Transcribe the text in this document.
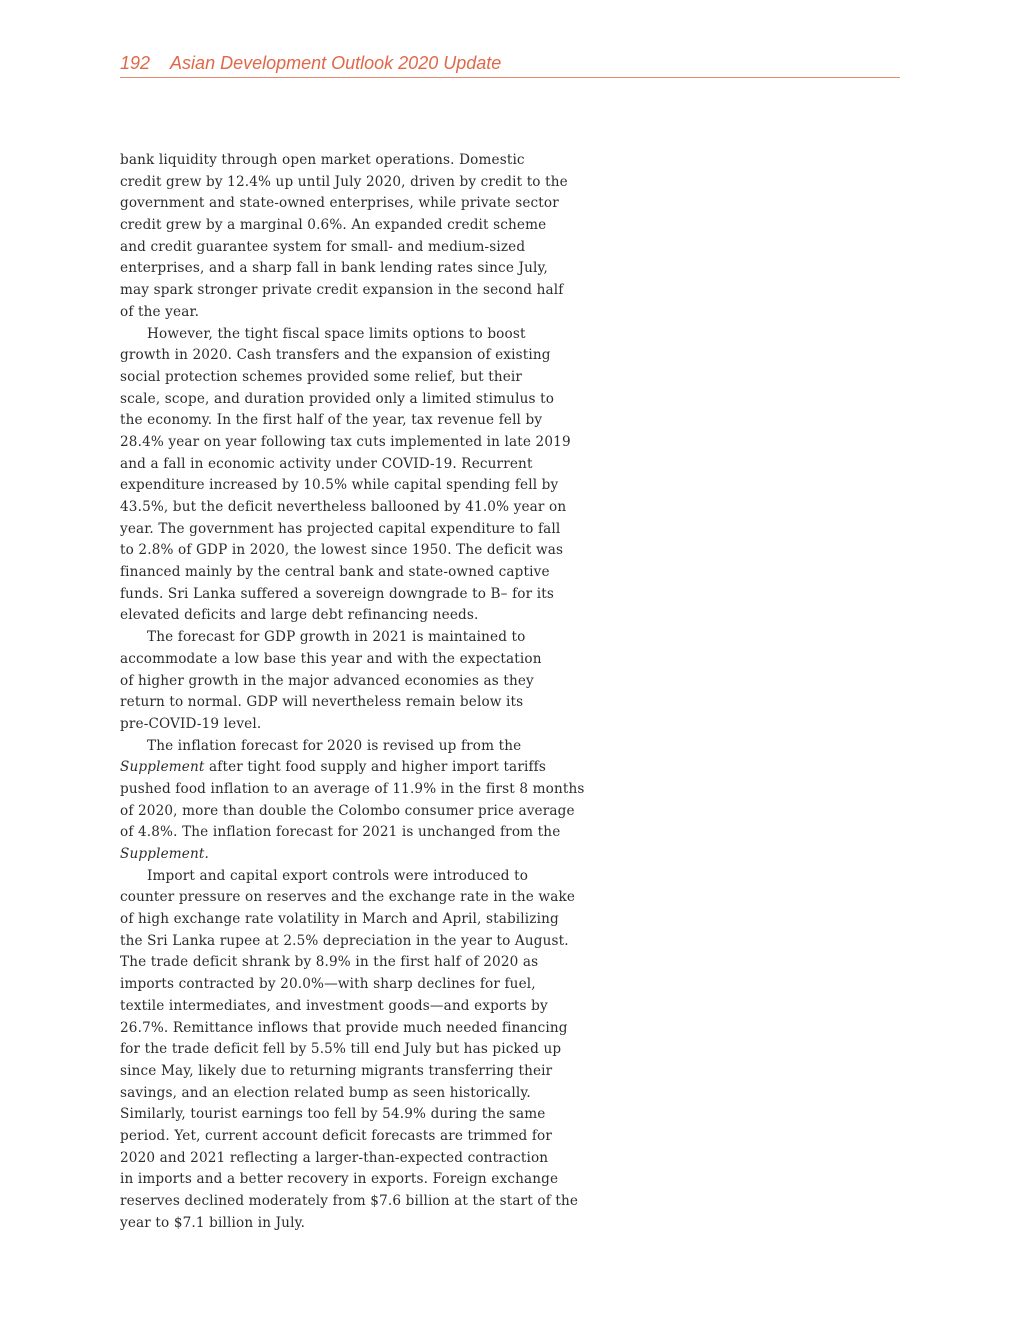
192 Asian Development Outlook 2020 Update
bank liquidity through open market operations. Domestic
credit grew by 12.4% up until July 2020, driven by credit to the
government and state-owned enterprises, while private sector
credit grew by a marginal 0.6%. An expanded credit scheme
and credit guarantee system for small- and medium-sized
enterprises, and a sharp fall in bank lending rates since July,
may spark stronger private credit expansion in the second half
of the year.
However, the tight fiscal space limits options to boost
growth in 2020. Cash transfers and the expansion of existing
social protection schemes provided some relief, but their
scale, scope, and duration provided only a limited stimulus to
the economy. In the first half of the year, tax revenue fell by
28.4% year on year following tax cuts implemented in late 2019
and a fall in economic activity under COVID-19. Recurrent
expenditure increased by 10.5% while capital spending fell by
43.5%, but the deficit nevertheless ballooned by 41.0% year on
year. The government has projected capital expenditure to fall
to 2.8% of GDP in 2020, the lowest since 1950. The deficit was
financed mainly by the central bank and state-owned captive
funds. Sri Lanka suffered a sovereign downgrade to B– for its
elevated deficits and large debt refinancing needs.
The forecast for GDP growth in 2021 is maintained to
accommodate a low base this year and with the expectation
of higher growth in the major advanced economies as they
return to normal. GDP will nevertheless remain below its
pre-COVID-19 level.
The inflation forecast for 2020 is revised up from the
Supplement after tight food supply and higher import tariffs
pushed food inflation to an average of 11.9% in the first 8 months
of 2020, more than double the Colombo consumer price average
of 4.8%. The inflation forecast for 2021 is unchanged from the
Supplement.
Import and capital export controls were introduced to
counter pressure on reserves and the exchange rate in the wake
of high exchange rate volatility in March and April, stabilizing
the Sri Lanka rupee at 2.5% depreciation in the year to August.
The trade deficit shrank by 8.9% in the first half of 2020 as
imports contracted by 20.0%—with sharp declines for fuel,
textile intermediates, and investment goods—and exports by
26.7%. Remittance inflows that provide much needed financing
for the trade deficit fell by 5.5% till end July but has picked up
since May, likely due to returning migrants transferring their
savings, and an election related bump as seen historically.
Similarly, tourist earnings too fell by 54.9% during the same
period. Yet, current account deficit forecasts are trimmed for
2020 and 2021 reflecting a larger-than-expected contraction
in imports and a better recovery in exports. Foreign exchange
reserves declined moderately from $7.6 billion at the start of the
year to $7.1 billion in July.
